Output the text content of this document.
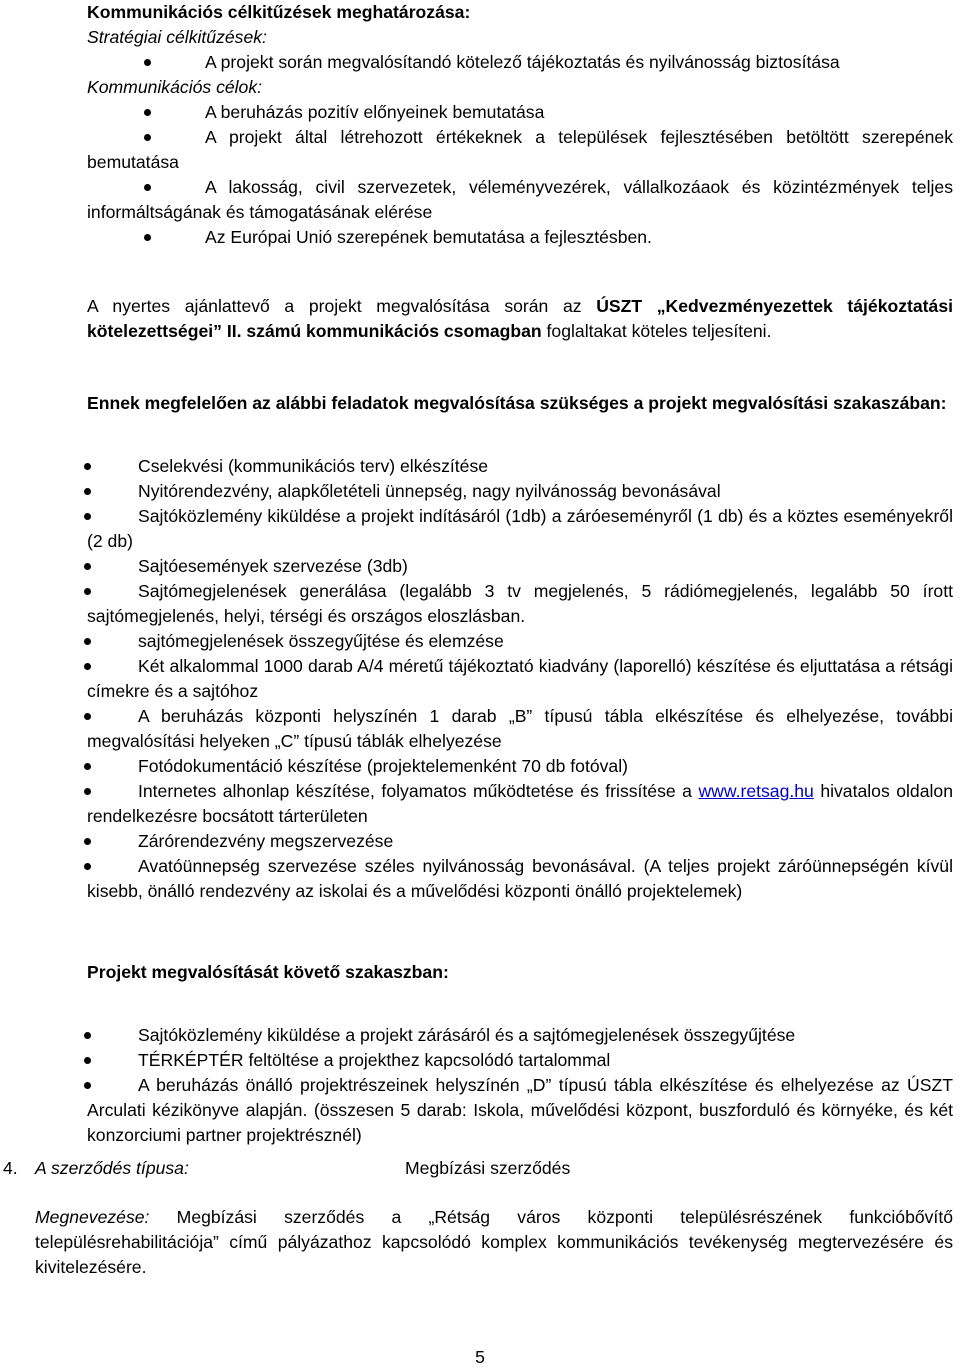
Kommunikációs célkitűzések meghatározása:

Stratégiai célkitűzések:

A projekt során megvalósítandó kötelező tájékoztatás és nyilvánosság biztosítása

Kommunikációs célok:

A beruházás pozitív előnyeinek bemutatása
A projekt által létrehozott értékeknek a települések fejlesztésében betöltött szerepének bemutatása
A lakosság, civil szervezetek, véleményvezérek, vállalkozáaok és közintézmények teljes informáltságának és támogatásának elérése
Az Európai Unió szerepének bemutatása a fejlesztésben.

A nyertes ajánlattevő a projekt megvalósítása során az ÚSZT „Kedvezményezettek tájékoztatási kötelezettségei” II. számú kommunikációs csomagban foglaltakat köteles teljesíteni.

Ennek megfelelően az alábbi feladatok megvalósítása szükséges a projekt megvalósítási szakaszában:

Cselekvési (kommunikációs terv) elkészítése
Nyitórendezvény, alapkőletételi ünnepség, nagy nyilvánosság bevonásával
Sajtóközlemény kiküldése a projekt indításáról (1db) a záróeseményről (1 db) és a köztes eseményekről (2 db)
Sajtóesemények szervezése (3db)
Sajtómegjelenések generálása (legalább 3 tv megjelenés, 5 rádiómegjelenés, legalább 50 írott sajtómegjelenés, helyi, térségi és országos eloszlásban.
sajtómegjelenések összegyűjtése és elemzése
Két alkalommal 1000 darab A/4 méretű tájékoztató kiadvány (laporelló) készítése és eljuttatása a rétsági címekre és a sajtóhoz
A beruházás központi helyszínén 1 darab „B” típusú tábla elkészítése és elhelyezése, további megvalósítási helyeken „C” típusú táblák elhelyezése
Fotódokumentáció készítése (projektelemenként 70 db fotóval)
Internetes alhonlap készítése, folyamatos működtetése és frissítése a www.retsag.hu hivatalos oldalon rendelkezésre bocsátott tárterületen
Zárórendezvény megszervezése
Avatóünnepség szervezése széles nyilvánosság bevonásával. (A teljes projekt záróünnepségén kívül kisebb, önálló rendezvény az iskolai és a művelődési központi önálló projektelemek)

Projekt megvalósítását követő szakaszban:

Sajtóközlemény kiküldése a projekt zárásáról és a sajtómegjelenések összegyűjtése
TÉRKÉPTÉR feltöltése a projekthez kapcsolódó tartalommal
A beruházás önálló projektrészeinek helyszínén „D” típusú tábla elkészítése és elhelyezése az ÚSZT Arculati kézikönyve alapján. (összesen 5 darab: Iskola, művelődési központ, buszforduló és környéke, és két konzorciumi partner projektrésznél)
4. A szerződés típusa:	Megbízási szerződés

Megnevezése: Megbízási szerződés a „Rétság város központi településrészének funkcióbővítő településrehabilitációja” című pályázathoz kapcsolódó komplex kommunikációs tevékenység megtervezésére és kivitelezésére.

5
